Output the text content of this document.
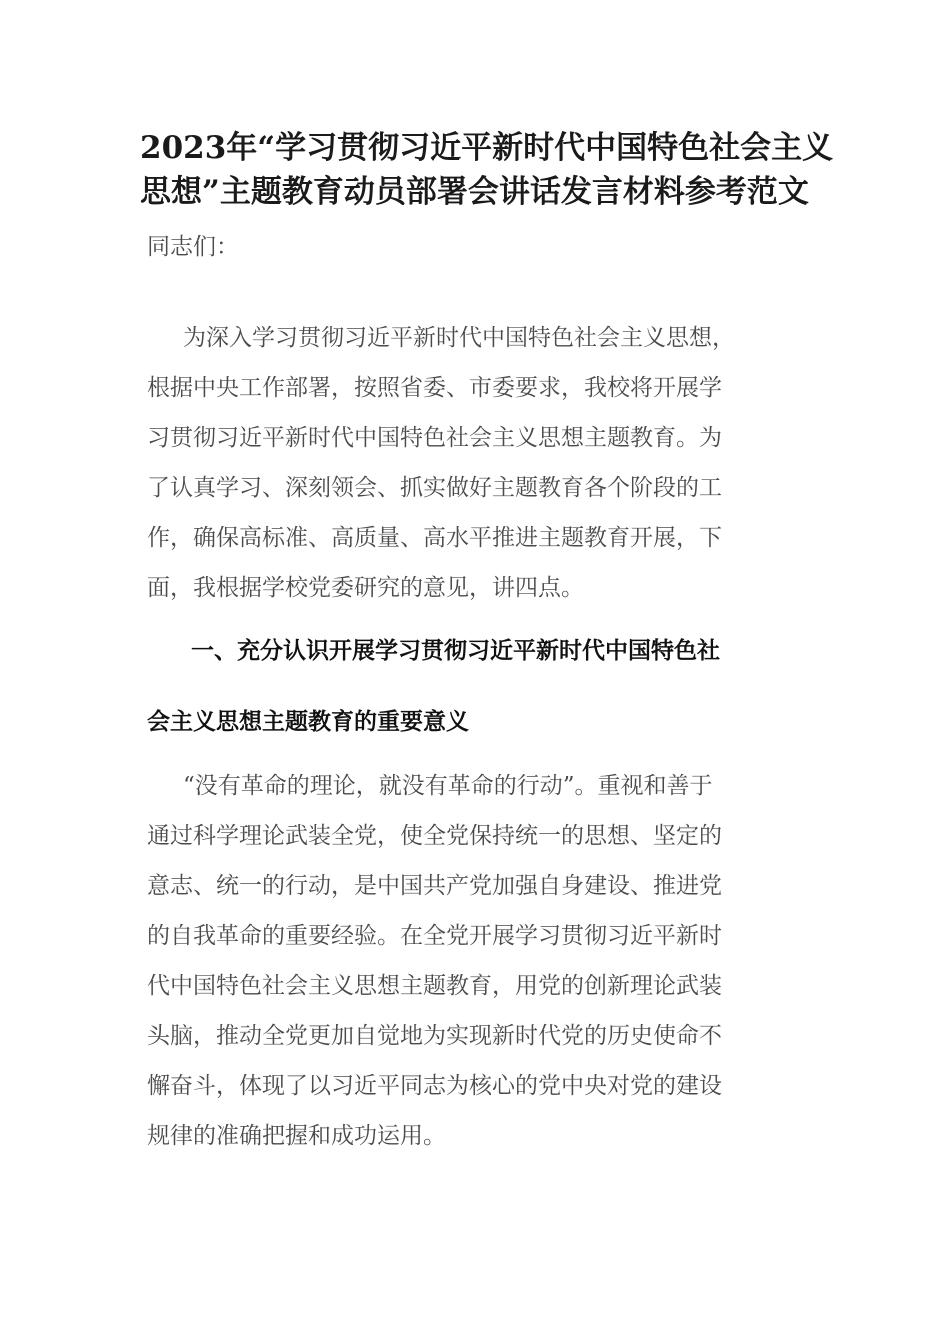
2023年“学习贯彻习近平新时代中国特色社会主义
思想”主题教育动员部署会讲话发言材料参考范文
同志们：

为深入学习贯彻习近平新时代中国特色社会主义思想，
根据中央工作部署，按照省委、市委要求，我校将开展学
习贯彻习近平新时代中国特色社会主义思想主题教育。为
了认真学习、深刻领会、抓实做好主题教育各个阶段的工
作，确保高标准、高质量、高水平推进主题教育开展，下
面，我根据学校党委研究的意见，讲四点。

一、充分认识开展学习贯彻习近平新时代中国特色社
会主义思想主题教育的重要意义

“没有革命的理论，就没有革命的行动”。重视和善于
通过科学理论武装全党，使全党保持统一的思想、坚定的
意志、统一的行动，是中国共产党加强自身建设、推进党
的自我革命的重要经验。在全党开展学习贯彻习近平新时
代中国特色社会主义思想主题教育，用党的创新理论武装
头脑，推动全党更加自觉地为实现新时代党的历史使命不
懈奋斗，体现了以习近平同志为核心的党中央对党的建设
规律的准确把握和成功运用。
